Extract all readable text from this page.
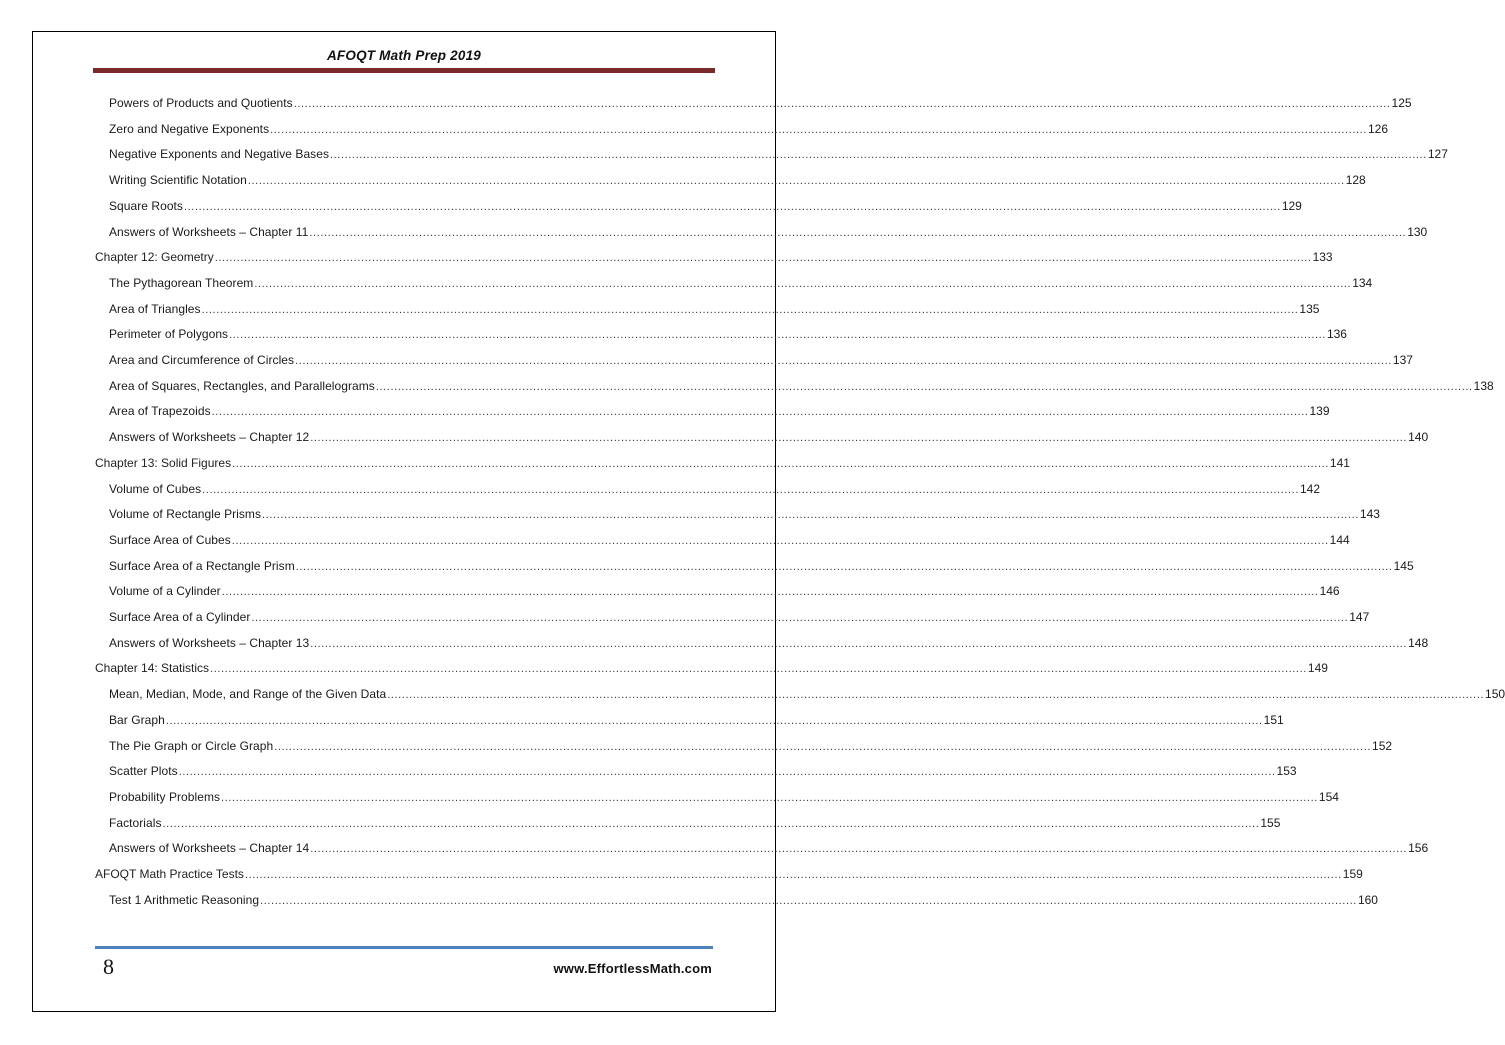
AFOQT Math Prep 2019
Powers of Products and Quotients ............................................................................................................................................................................................................................................................................................................ 125
Zero and Negative Exponents ............................................................................................................................................................................................................................................................................................................ 126
Negative Exponents and Negative Bases ............................................................................................................................................................................................................................................................................................................ 127
Writing Scientific Notation ............................................................................................................................................................................................................................................................................................................ 128
Square Roots ............................................................................................................................................................................................................................................................................................................ 129
Answers of Worksheets – Chapter 11 ............................................................................................................................................................................................................................................................................................................ 130
Chapter 12: Geometry ............................................................................................................................................................................................................................................................................................................ 133
The Pythagorean Theorem ............................................................................................................................................................................................................................................................................................................ 134
Area of Triangles ............................................................................................................................................................................................................................................................................................................ 135
Perimeter of Polygons ............................................................................................................................................................................................................................................................................................................ 136
Area and Circumference of Circles ............................................................................................................................................................................................................................................................................................................ 137
Area of Squares, Rectangles, and Parallelograms ............................................................................................................................................................................................................................................................................................................ 138
Area of Trapezoids ............................................................................................................................................................................................................................................................................................................ 139
Answers of Worksheets – Chapter 12 ............................................................................................................................................................................................................................................................................................................ 140
Chapter 13: Solid Figures ............................................................................................................................................................................................................................................................................................................ 141
Volume of Cubes ............................................................................................................................................................................................................................................................................................................ 142
Volume of Rectangle Prisms ............................................................................................................................................................................................................................................................................................................ 143
Surface Area of Cubes ............................................................................................................................................................................................................................................................................................................ 144
Surface Area of a Rectangle Prism ............................................................................................................................................................................................................................................................................................................ 145
Volume of a Cylinder ............................................................................................................................................................................................................................................................................................................ 146
Surface Area of a Cylinder ............................................................................................................................................................................................................................................................................................................ 147
Answers of Worksheets – Chapter 13 ............................................................................................................................................................................................................................................................................................................ 148
Chapter 14: Statistics ............................................................................................................................................................................................................................................................................................................ 149
Mean, Median, Mode, and Range of the Given Data ............................................................................................................................................................................................................................................................................................................ 150
Bar Graph ............................................................................................................................................................................................................................................................................................................ 151
The Pie Graph or Circle Graph ............................................................................................................................................................................................................................................................................................................ 152
Scatter Plots ............................................................................................................................................................................................................................................................................................................ 153
Probability Problems ............................................................................................................................................................................................................................................................................................................ 154
Factorials ............................................................................................................................................................................................................................................................................................................ 155
Answers of Worksheets – Chapter 14 ............................................................................................................................................................................................................................................................................................................ 156
AFOQT Math Practice Tests ............................................................................................................................................................................................................................................................................................................ 159
Test 1 Arithmetic Reasoning ............................................................................................................................................................................................................................................................................................................ 160
8	www.EffortlessMath.com
